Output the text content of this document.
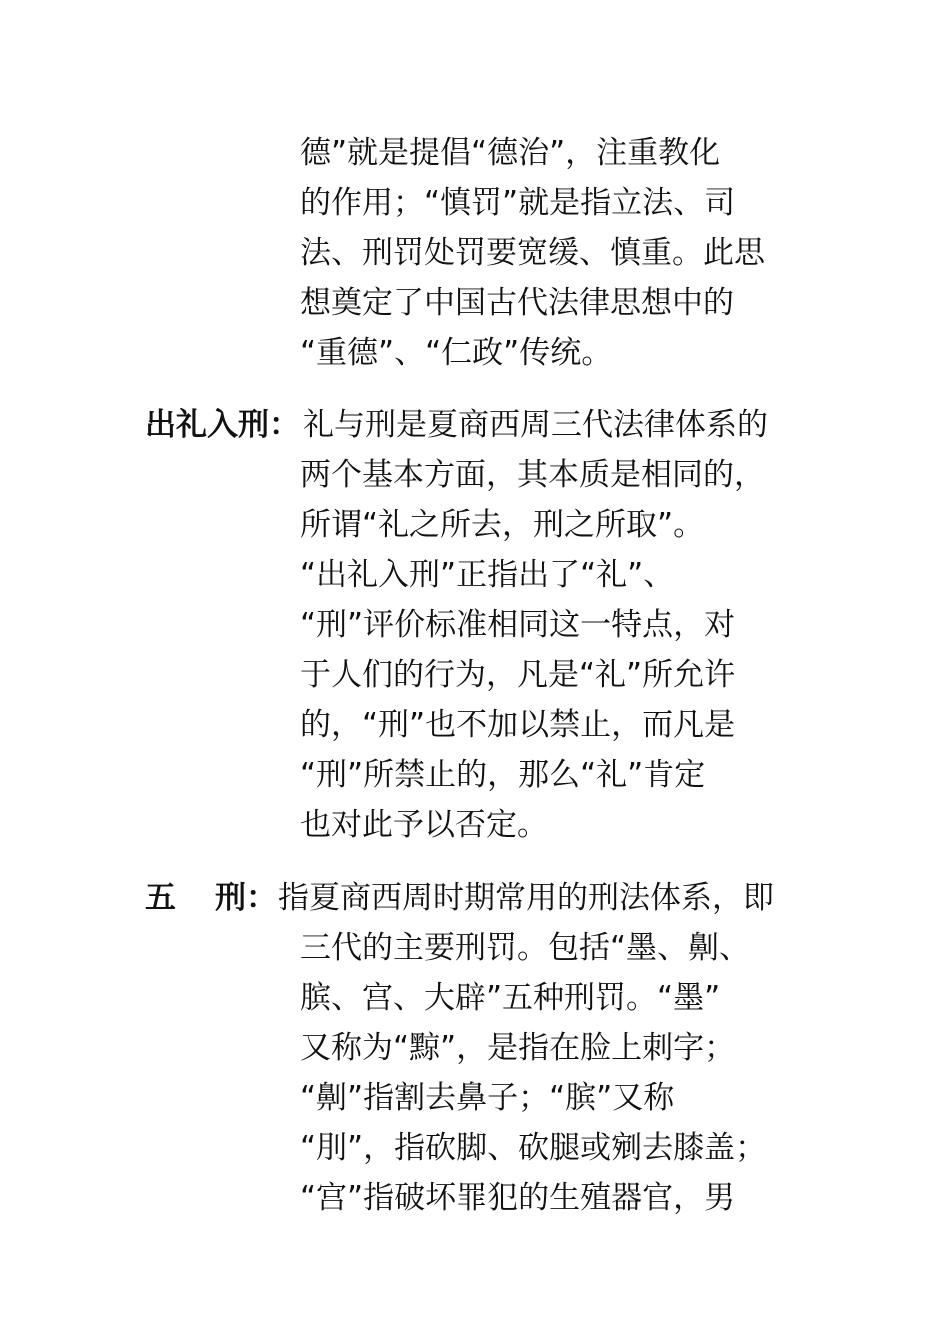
德”就是提倡“德治”，注重教化
的作用；“慎罚”就是指立法、司
法、刑罚处罚要宽缓、慎重。此思
想奠定了中国古代法律思想中的
“重德”、“仁政”传统。
出礼入刑： 礼与刑是夏商西周三代法律体系的
两个基本方面，其本质是相同的，
所谓“礼之所去，刑之所取”。
“出礼入刑”正指出了“礼”、
“刑”评价标准相同这一特点，对
于人们的行为，凡是“礼”所允许
的，“刑”也不加以禁止，而凡是
“刑”所禁止的，那么“礼”肯定
也对此予以否定。
五 刑： 指夏商西周时期常用的刑法体系，即
三代的主要刑罚。包括“墨、劓、
膑、宫、大辟”五种刑罚。“墨”
又称为“黥”，是指在脸上刺字；
“劓”指割去鼻子；“膑”又称
“刖”，指砍脚、砍腿或剜去膝盖；
“宫”指破坏罪犯的生殖器官，男
